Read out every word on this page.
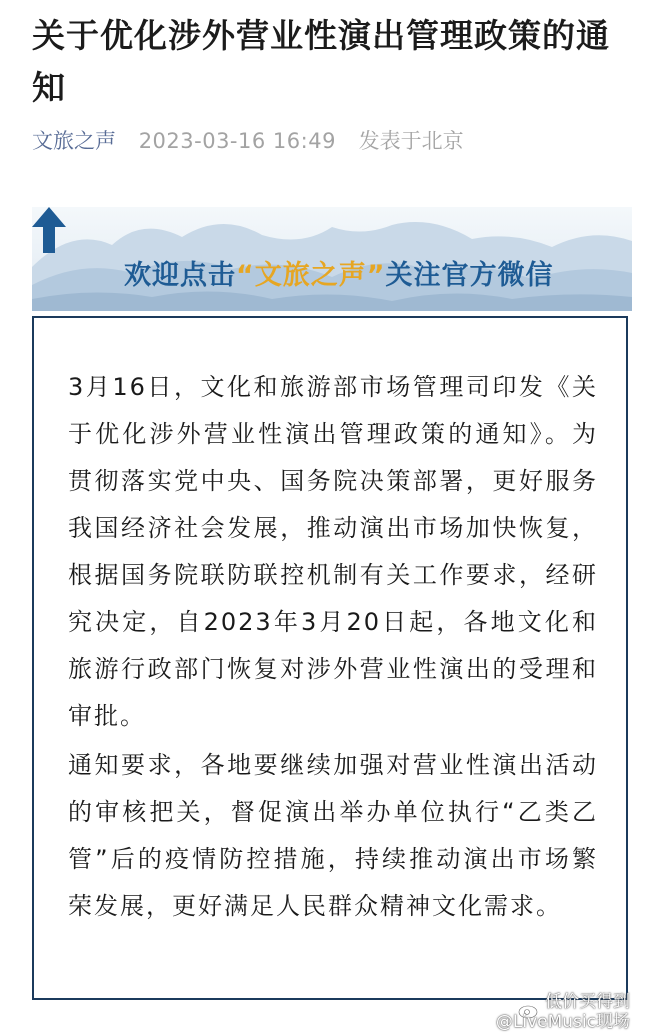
关于优化涉外营业性演出管理政策的通知
文旅之声 2023-03-16 16:49 发表于北京
欢迎点击“文旅之声”关注官方微信

3月16日，文化和旅游部市场管理司印发《关于优化涉外营业性演出管理政策的通知》。为贯彻落实党中央、国务院决策部署，更好服务我国经济社会发展，推动演出市场加快恢复，根据国务院联防联控机制有关工作要求，经研究决定，自2023年3月20日起，各地文化和旅游行政部门恢复对涉外营业性演出的受理和审批。

通知要求，各地要继续加强对营业性演出活动的审核把关，督促演出举办单位执行“乙类乙管”后的疫情防控措施，持续推动演出市场繁荣发展，更好满足人民群众精神文化需求。

低价买得到
@LiveMusic现场
